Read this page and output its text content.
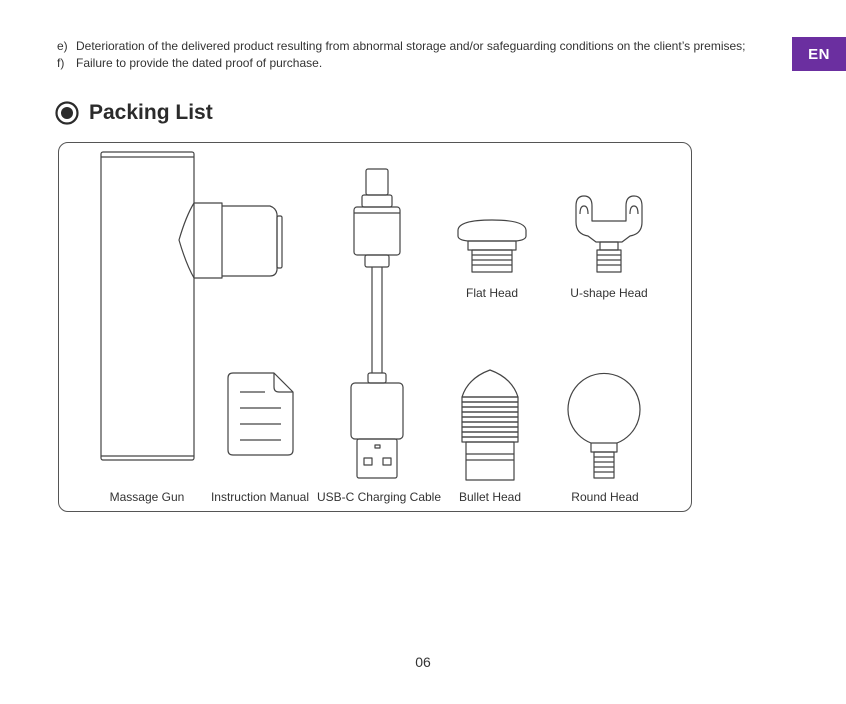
e) Deterioration of the delivered product resulting from abnormal storage and/or safeguarding conditions on the client’s premises;
f) Failure to provide the dated proof of purchase.
EN
Packing List
Massage Gun Instruction Manual USB-C Charging Cable
Flat Head	U-shape Head
Bullet Head	Round Head
06
